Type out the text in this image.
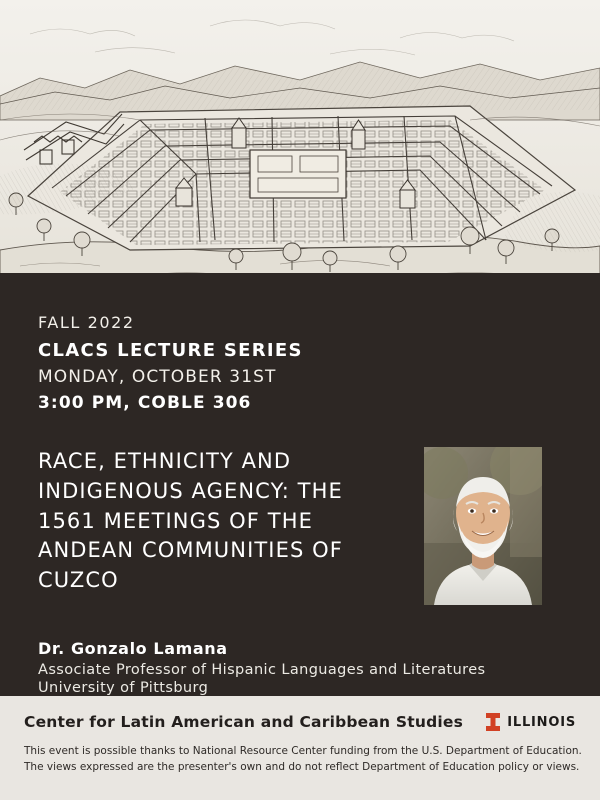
FALL 2022

CLACS LECTURE SERIES

MONDAY, OCTOBER 31ST

3:00 PM, COBLE 306

RACE, ETHNICITY AND INDIGENOUS AGENCY: THE 1561 MEETINGS OF THE ANDEAN COMMUNITIES OF CUZCO

Dr. Gonzalo Lamana

Associate Professor of Hispanic Languages and Literatures

University of Pittsburg

Center for Latin American and Caribbean Studies	ILLINOIS
This event is possible thanks to National Resource Center funding from the U.S. Department of Education.
The views expressed are the presenter's own and do not reflect Department of Education policy or views.
